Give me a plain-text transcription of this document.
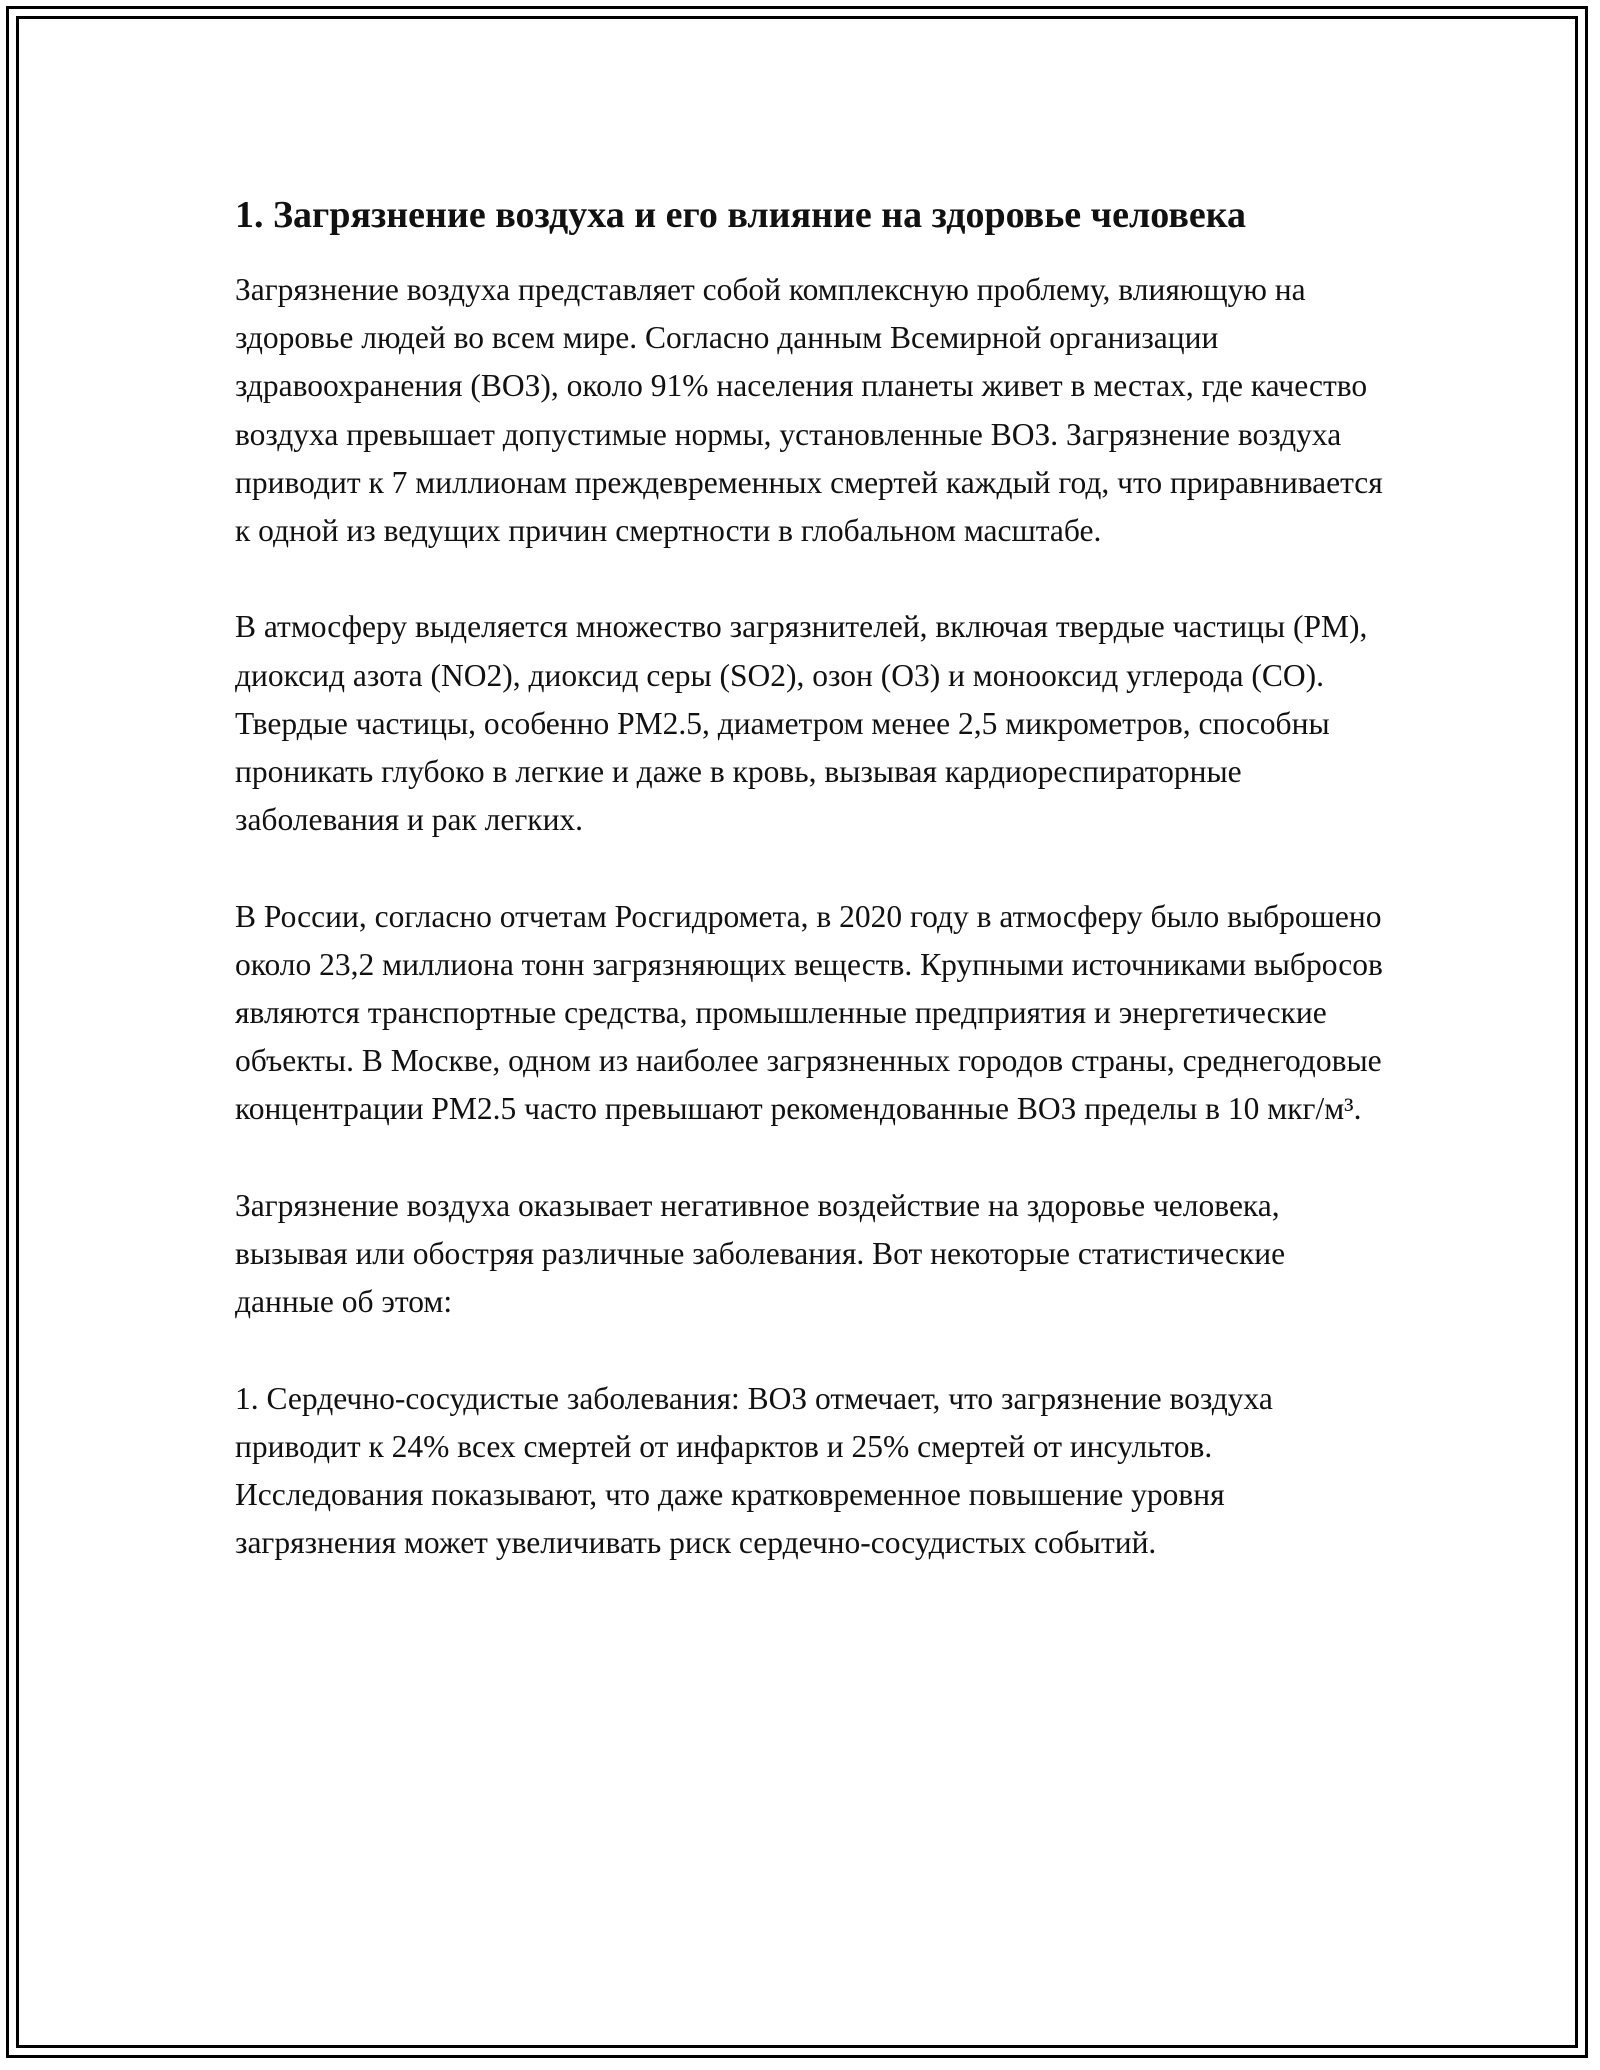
1. Загрязнение воздуха и его влияние на здоровье человека

Загрязнение воздуха представляет собой комплексную проблему, влияющую на здоровье людей во всем мире. Согласно данным Всемирной организации здравоохранения (ВОЗ), около 91% населения планеты живет в местах, где качество воздуха превышает допустимые нормы, установленные ВОЗ. Загрязнение воздуха приводит к 7 миллионам преждевременных смертей каждый год, что приравнивается к одной из ведущих причин смертности в глобальном масштабе.

В атмосферу выделяется множество загрязнителей, включая твердые частицы (PM), диоксид азота (NO2), диоксид серы (SO2), озон (O3) и монооксид углерода (CO). Твердые частицы, особенно PM2.5, диаметром менее 2,5 микрометров, способны проникать глубоко в легкие и даже в кровь, вызывая кардиореспираторные заболевания и рак легких.

В России, согласно отчетам Росгидромета, в 2020 году в атмосферу было выброшено около 23,2 миллиона тонн загрязняющих веществ. Крупными источниками выбросов являются транспортные средства, промышленные предприятия и энергетические объекты. В Москве, одном из наиболее загрязненных городов страны, среднегодовые концентрации PM2.5 часто превышают рекомендованные ВОЗ пределы в 10 мкг/м³.

Загрязнение воздуха оказывает негативное воздействие на здоровье человека, вызывая или обостряя различные заболевания. Вот некоторые статистические данные об этом:

1. Сердечно-сосудистые заболевания: ВОЗ отмечает, что загрязнение воздуха приводит к 24% всех смертей от инфарктов и 25% смертей от инсультов. Исследования показывают, что даже кратковременное повышение уровня загрязнения может увеличивать риск сердечно-сосудистых событий.
